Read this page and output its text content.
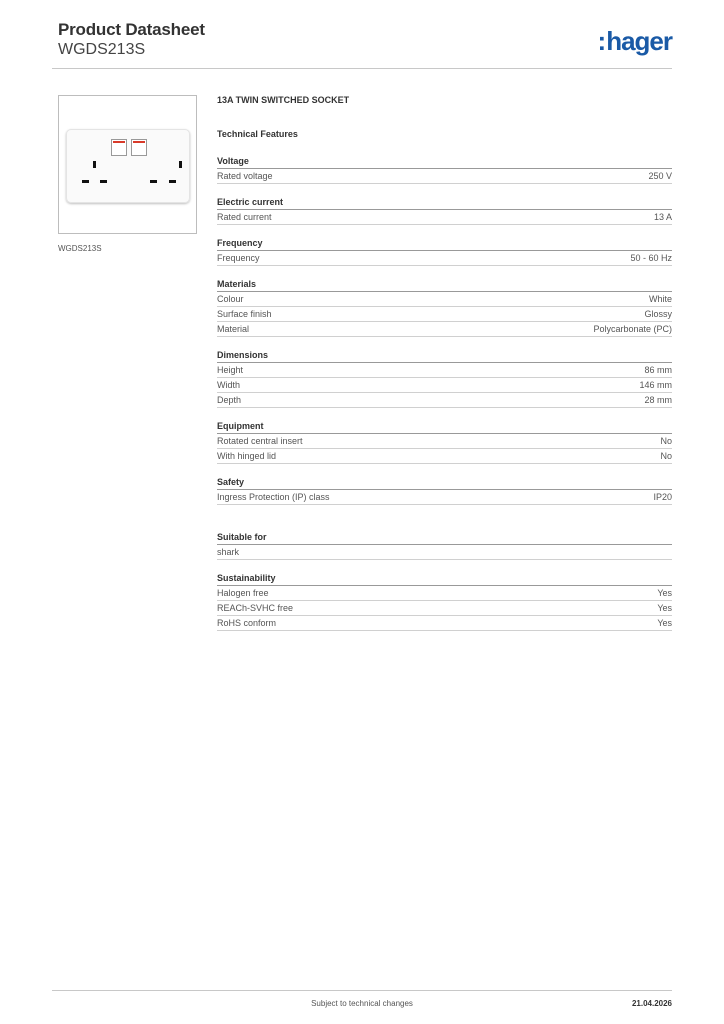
Product Datasheet
WGDS213S	:hager
WGDS213S
13A TWIN SWITCHED SOCKET
Technical Features
Voltage
Rated voltage	250 V
Electric current
Rated current	13 A
Frequency
Frequency	50 - 60 Hz
Materials
Colour	White
Surface finish	Glossy
Material	Polycarbonate (PC)
Dimensions
Height	86 mm
Width	146 mm
Depth	28 mm
Equipment
Rotated central insert	No
With hinged lid	No
Safety
Ingress Protection (IP) class	IP20
Suitable for
shark
Sustainability
Halogen free	Yes
REACh-SVHC free	Yes
RoHS conform	Yes
Subject to technical changes	21.04.2026
